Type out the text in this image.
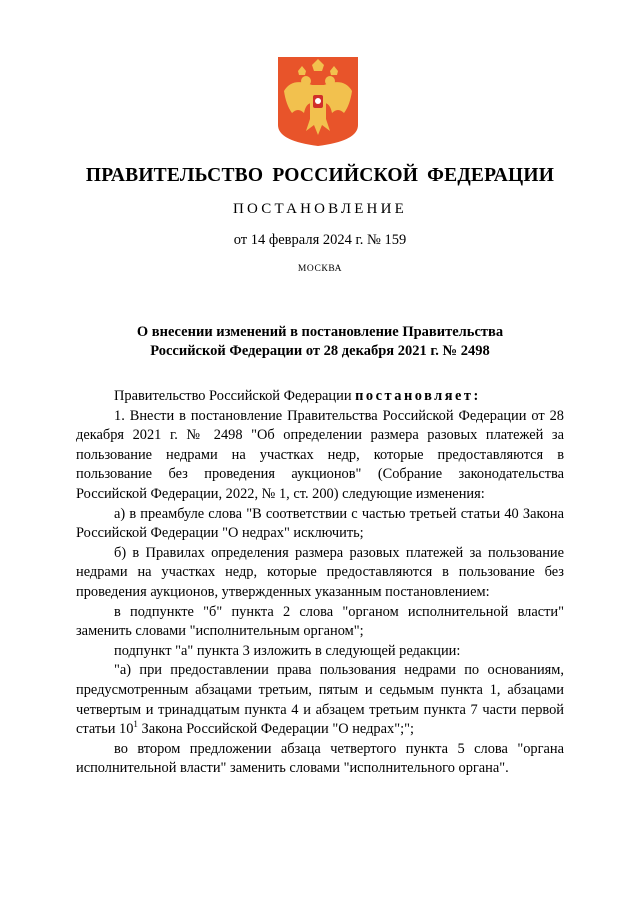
ПРАВИТЕЛЬСТВО РОССИЙСКОЙ ФЕДЕРАЦИИ
ПОСТАНОВЛЕНИЕ
от 14 февраля 2024 г. № 159
МОСКВА
О внесении изменений в постановление Правительства
Российской Федерации от 28 декабря 2021 г. № 2498

Правительство Российской Федерации постановляет:

1. Внести в постановление Правительства Российской Федерации от 28 декабря 2021 г. № 2498 "Об определении размера разовых платежей за пользование недрами на участках недр, которые предоставляются в пользование без проведения аукционов" (Собрание законодательства Российской Федерации, 2022, № 1, ст. 200) следующие изменения:

а) в преамбуле слова "В соответствии с частью третьей статьи 40 Закона Российской Федерации "О недрах" исключить;

б) в Правилах определения размера разовых платежей за пользование недрами на участках недр, которые предоставляются в пользование без проведения аукционов, утвержденных указанным постановлением:

в подпункте "б" пункта 2 слова "органом исполнительной власти" заменить словами "исполнительным органом";

подпункт "а" пункта 3 изложить в следующей редакции:

"а) при предоставлении права пользования недрами по основаниям, предусмотренным абзацами третьим, пятым и седьмым пункта 1, абзацами четвертым и тринадцатым пункта 4 и абзацем третьим пункта 7 части первой статьи $10^1$ Закона Российской Федерации "О недрах";";

во втором предложении абзаца четвертого пункта 5 слова "органа исполнительной власти" заменить словами "исполнительного органа".
